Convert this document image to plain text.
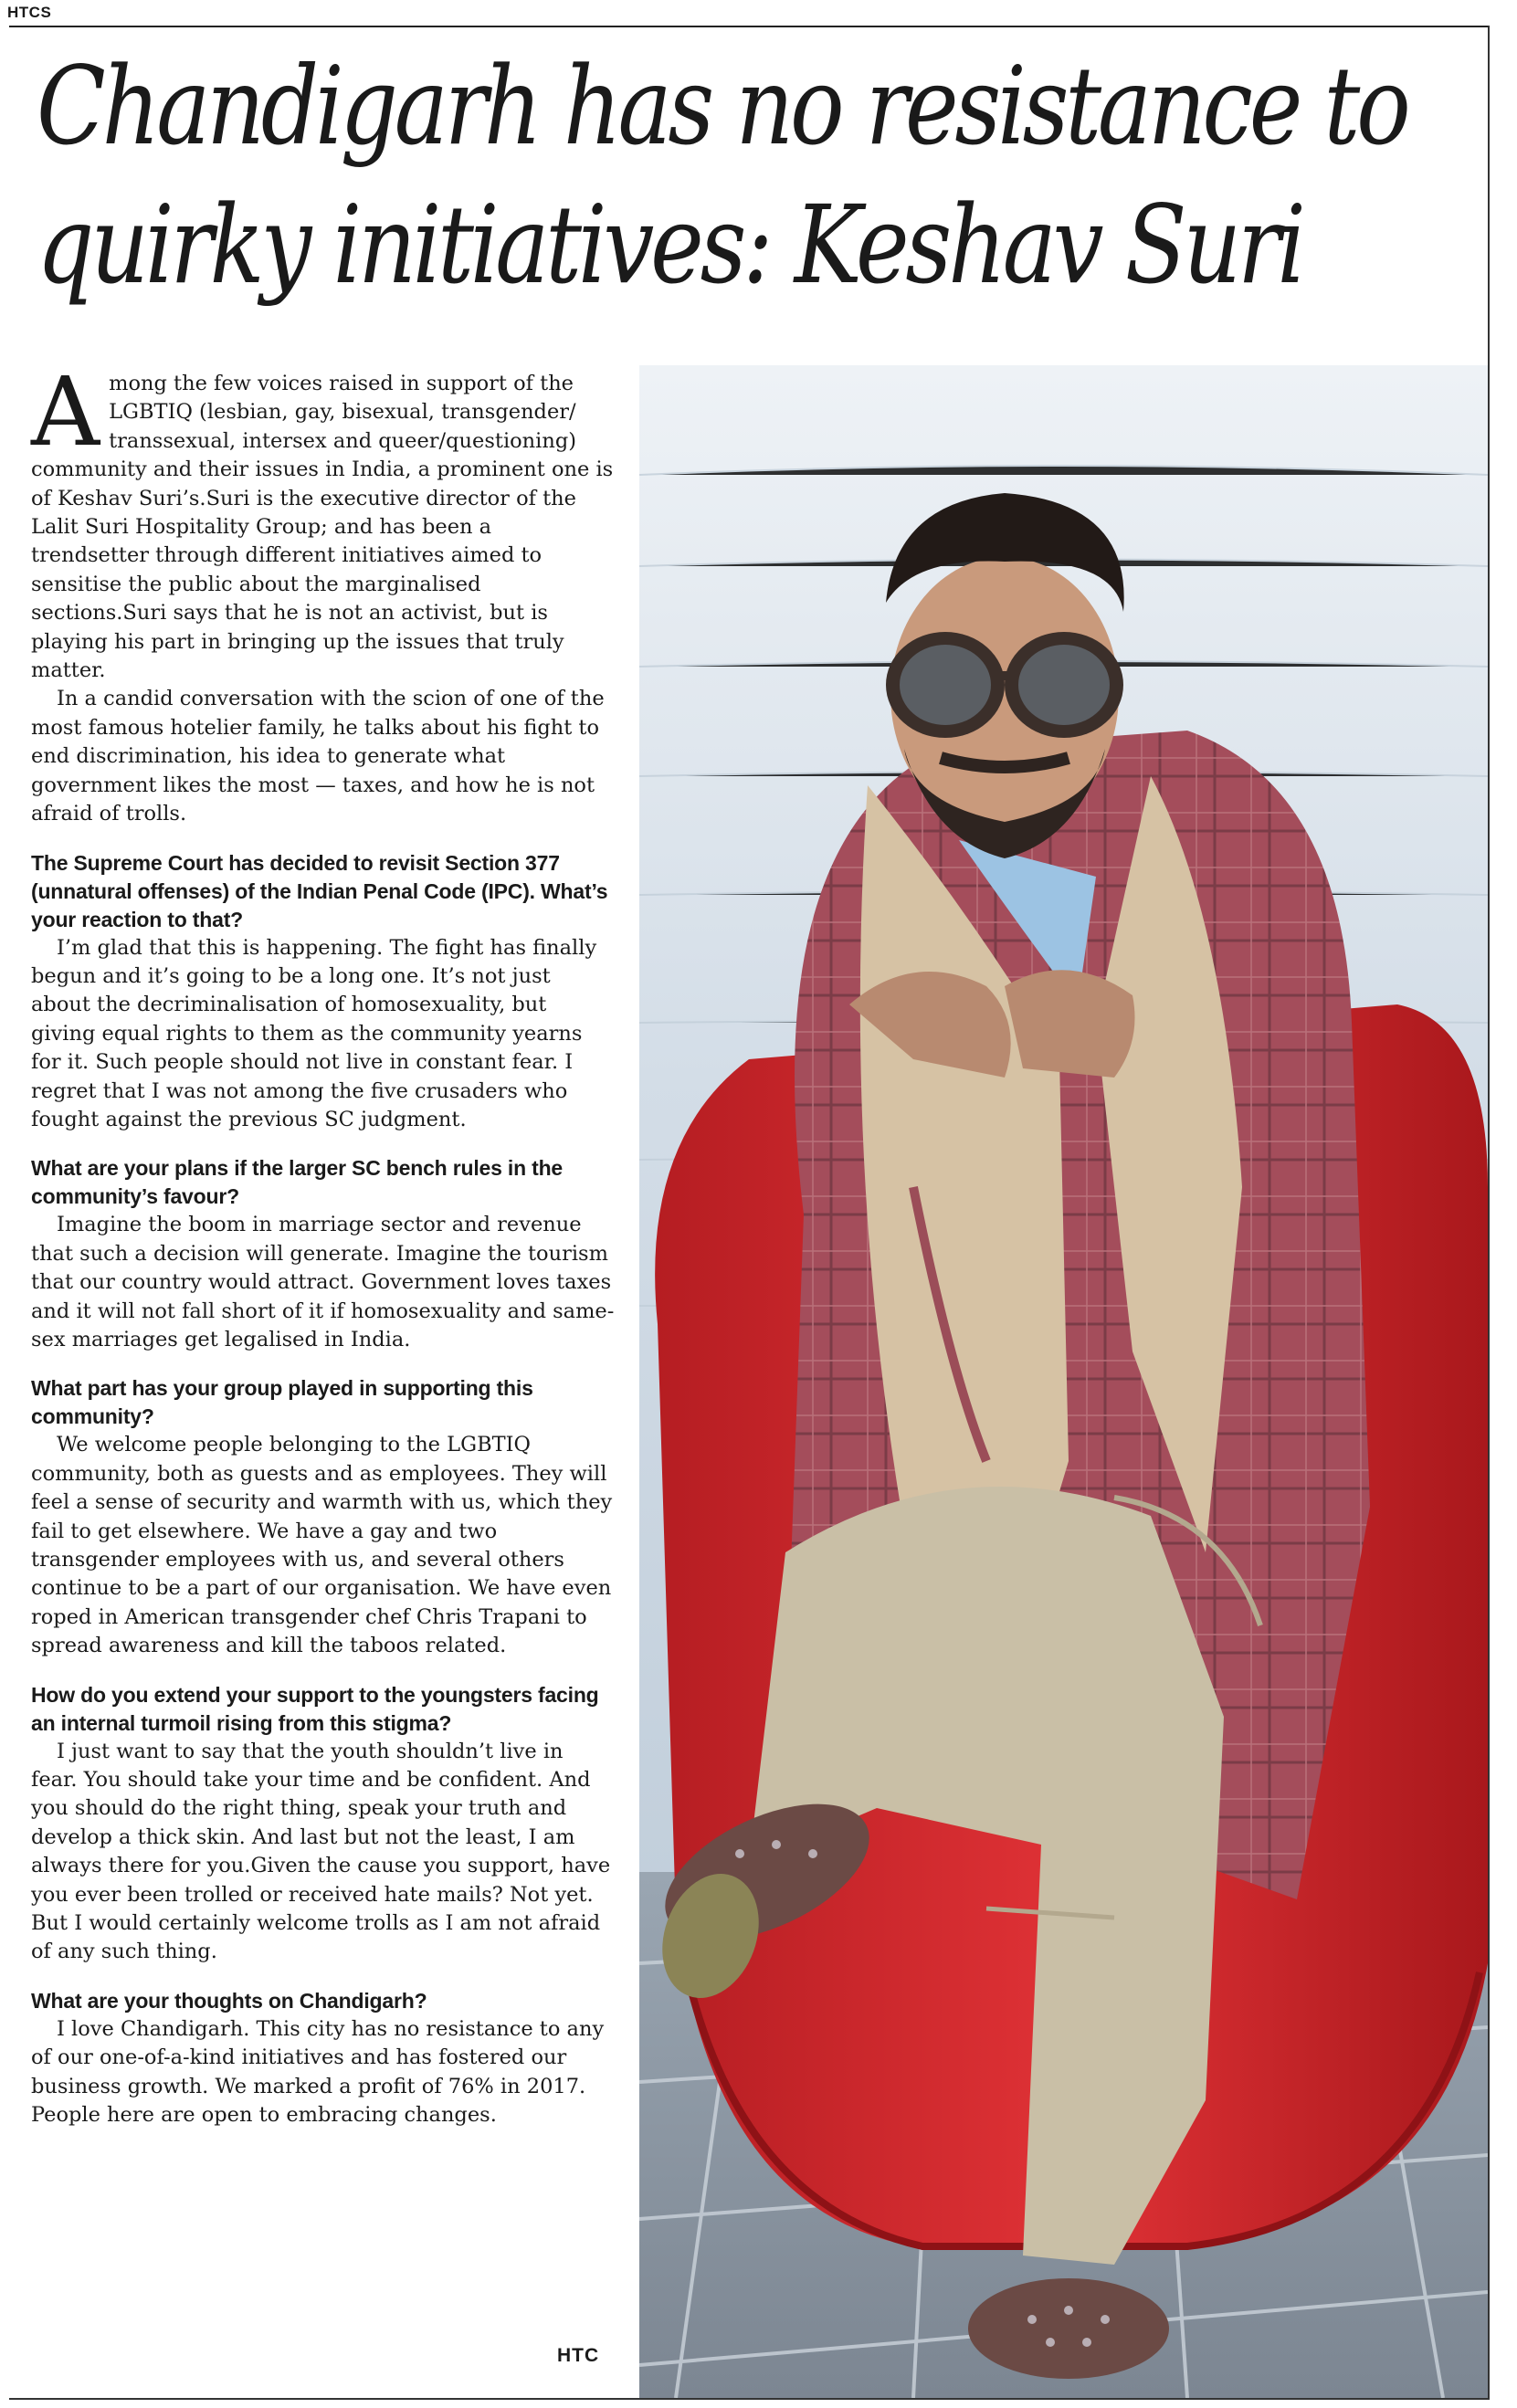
HTCS
Chandigarh has no resistance to
quirky initiatives: Keshav Suri

Among the few voices raised in support of the LGBTIQ (lesbian, gay, bisexual, transgender/ transsexual, intersex and queer/questioning) community and their issues in India, a prominent one is of Keshav Suri’s.Suri is the executive director of the Lalit Suri Hospitality Group; and has been a trendsetter through different initiatives aimed to sensitise the public about the marginalised sections.Suri says that he is not an activist, but is playing his part in bringing up the issues that truly matter.

In a candid conversation with the scion of one of the most famous hotelier family, he talks about his fight to end discrimination, his idea to generate what government likes the most — taxes, and how he is not afraid of trolls.

The Supreme Court has decided to revisit Section 377 (unnatural offenses) of the Indian Penal Code (IPC). What’s your reaction to that?

I’m glad that this is happening. The fight has finally begun and it’s going to be a long one. It’s not just about the decriminalisation of homosexuality, but giving equal rights to them as the community yearns for it. Such people should not live in constant fear. I regret that I was not among the five crusaders who fought against the previous SC judgment.

What are your plans if the larger SC bench rules in the community’s favour?

Imagine the boom in marriage sector and revenue that such a decision will generate. Imagine the tourism that our country would attract. Government loves taxes and it will not fall short of it if homosexuality and same-sex marriages get legalised in India.

What part has your group played in supporting this community?

We welcome people belonging to the LGBTIQ community, both as guests and as employees. They will feel a sense of security and warmth with us, which they fail to get elsewhere. We have a gay and two transgender employees with us, and several others continue to be a part of our organisation. We have even roped in American transgender chef Chris Trapani to spread awareness and kill the taboos related.

How do you extend your support to the youngsters facing an internal turmoil rising from this stigma?

I just want to say that the youth shouldn’t live in fear. You should take your time and be confident. And you should do the right thing, speak your truth and develop a thick skin. And last but not the least, I am always there for you.Given the cause you support, have you ever been trolled or received hate mails? Not yet. But I would certainly welcome trolls as I am not afraid of any such thing.

What are your thoughts on Chandigarh?

I love Chandigarh. This city has no resistance to any of our one-of-a-kind initiatives and has fostered our business growth. We marked a profit of 76% in 2017. People here are open to embracing changes.

HTC
